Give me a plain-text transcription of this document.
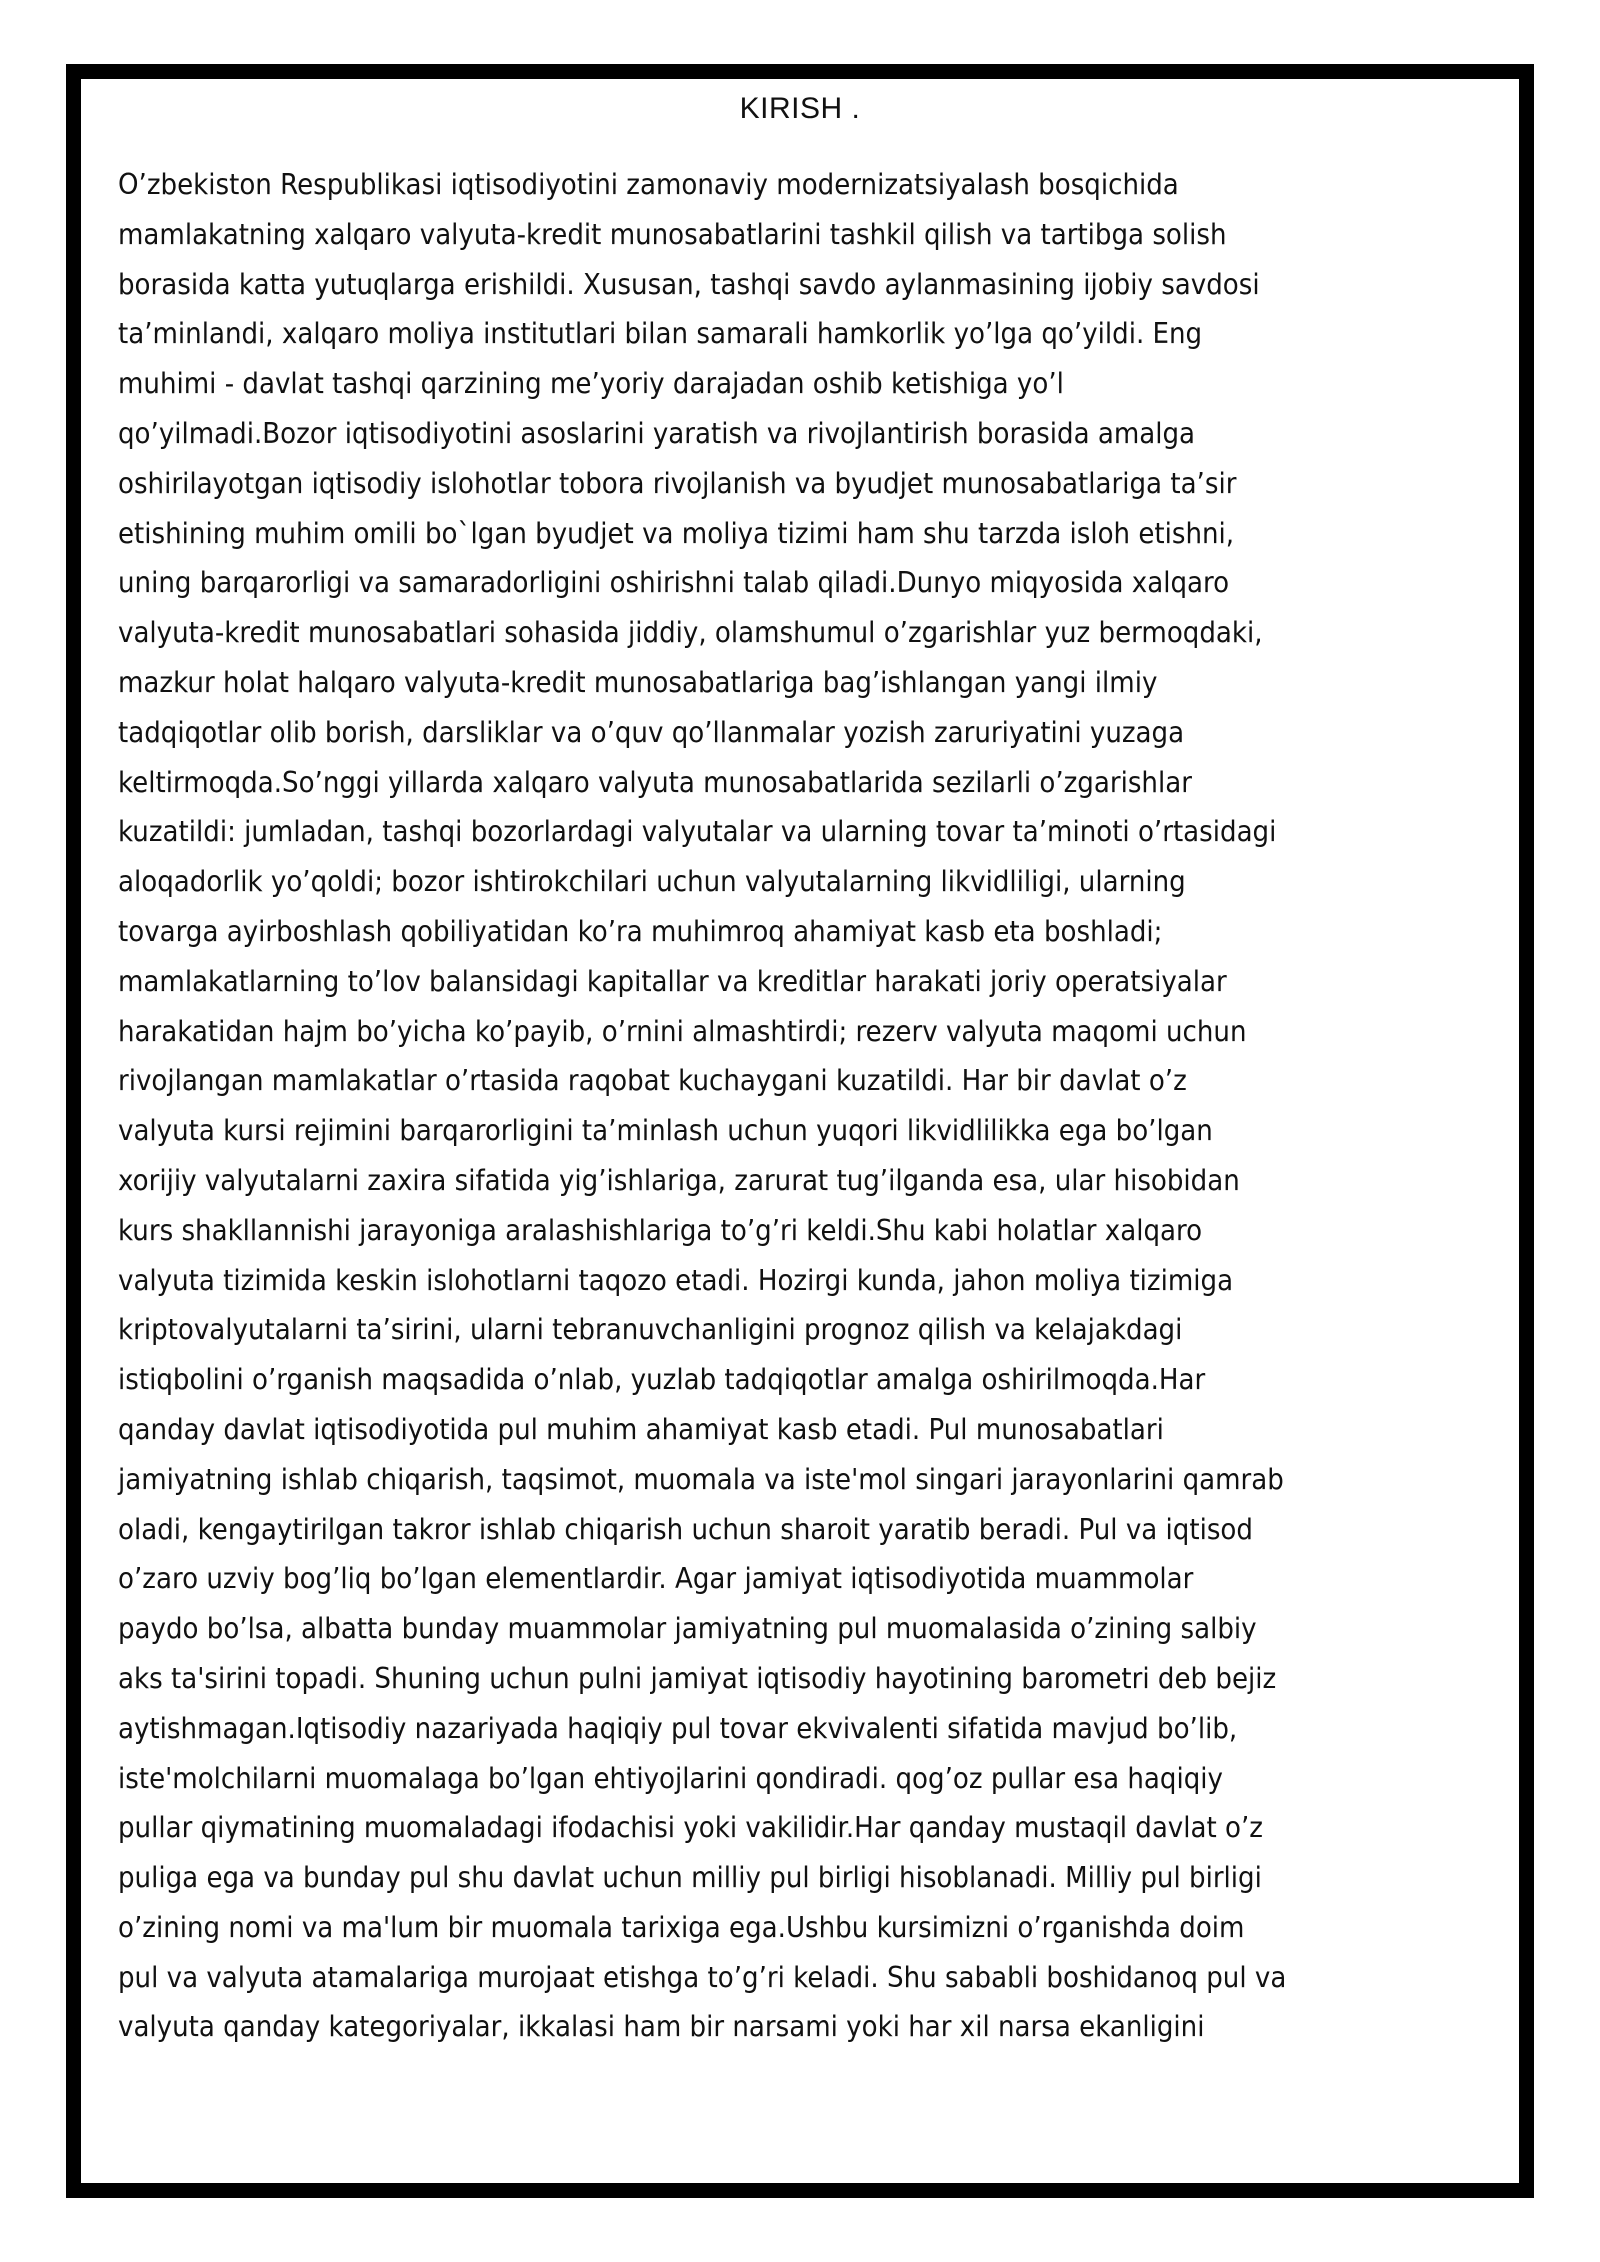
KIRISH .
O’zbekiston Respublikasi iqtisodiyotini zamonaviy modernizatsiyalash bosqichida
mamlakatning xalqaro valyuta-kredit munosabatlarini tashkil qilish va tartibga solish
borasida katta yutuqlarga erishildi. Xususan, tashqi savdo aylanmasining ijobiy savdosi
ta’minlandi, xalqaro moliya institutlari bilan samarali hamkorlik yo’lga qo’yildi. Eng
muhimi - davlat tashqi qarzining me’yoriy darajadan oshib ketishiga yo’l
qo’yilmadi.Bozor iqtisodiyotini asoslarini yaratish va rivojlantirish borasida amalga
oshirilayotgan iqtisodiy islohotlar tobora rivojlanish va byudjet munosabatlariga ta’sir
etishining muhim omili bo`lgan byudjet va moliya tizimi ham shu tarzda isloh etishni,
uning barqarorligi va samaradorligini oshirishni talab qiladi.Dunyo miqyosida xalqaro
valyuta-kredit munosabatlari sohasida jiddiy, olamshumul o’zgarishlar yuz bermoqdaki,
mazkur holat halqaro valyuta-kredit munosabatlariga bag’ishlangan yangi ilmiy
tadqiqotlar olib borish, darsliklar va o’quv qo’llanmalar yozish zaruriyatini yuzaga
keltirmoqda.So’nggi yillarda xalqaro valyuta munosabatlarida sezilarli o’zgarishlar
kuzatildi: jumladan, tashqi bozorlardagi valyutalar va ularning tovar ta’minoti o’rtasidagi
aloqadorlik yo’qoldi; bozor ishtirokchilari uchun valyutalarning likvidliligi, ularning
tovarga ayirboshlash qobiliyatidan ko’ra muhimroq ahamiyat kasb eta boshladi;
mamlakatlarning to’lov balansidagi kapitallar va kreditlar harakati joriy operatsiyalar
harakatidan hajm bo’yicha ko’payib, o’rnini almashtirdi; rezerv valyuta maqomi uchun
rivojlangan mamlakatlar o’rtasida raqobat kuchaygani kuzatildi. Har bir davlat o’z
valyuta kursi rejimini barqarorligini ta’minlash uchun yuqori likvidlilikka ega bo’lgan
xorijiy valyutalarni zaxira sifatida yig’ishlariga, zarurat tug’ilganda esa, ular hisobidan
kurs shakllannishi jarayoniga aralashishlariga to’g’ri keldi.Shu kabi holatlar xalqaro
valyuta tizimida keskin islohotlarni taqozo etadi. Hozirgi kunda, jahon moliya tizimiga
kriptovalyutalarni ta’sirini, ularni tebranuvchanligini prognoz qilish va kelajakdagi
istiqbolini o’rganish maqsadida o’nlab, yuzlab tadqiqotlar amalga oshirilmoqda.Har
qanday davlat iqtisodiyotida pul muhim ahamiyat kasb etadi. Pul munosabatlari
jamiyatning ishlab chiqarish, taqsimot, muomala va iste'mol singari jarayonlarini qamrab
oladi, kengaytirilgan takror ishlab chiqarish uchun sharoit yaratib beradi. Pul va iqtisod
o’zaro uzviy bog’liq bo’lgan elementlardir. Agar jamiyat iqtisodiyotida muammolar
paydo bo’lsa, albatta bunday muammolar jamiyatning pul muomalasida o’zining salbiy
aks ta'sirini topadi. Shuning uchun pulni jamiyat iqtisodiy hayotining barometri deb bejiz
aytishmagan.Iqtisodiy nazariyada haqiqiy pul tovar ekvivalenti sifatida mavjud bo’lib,
iste'molchilarni muomalaga bo’lgan ehtiyojlarini qondiradi. qog’oz pullar esa haqiqiy
pullar qiymatining muomaladagi ifodachisi yoki vakilidir.Har qanday mustaqil davlat o’z
puliga ega va bunday pul shu davlat uchun milliy pul birligi hisoblanadi. Milliy pul birligi
o’zining nomi va ma'lum bir muomala tarixiga ega.Ushbu kursimizni o’rganishda doim
pul va valyuta atamalariga murojaat etishga to’g’ri keladi. Shu sababli boshidanoq pul va
valyuta qanday kategoriyalar, ikkalasi ham bir narsami yoki har xil narsa ekanligini
